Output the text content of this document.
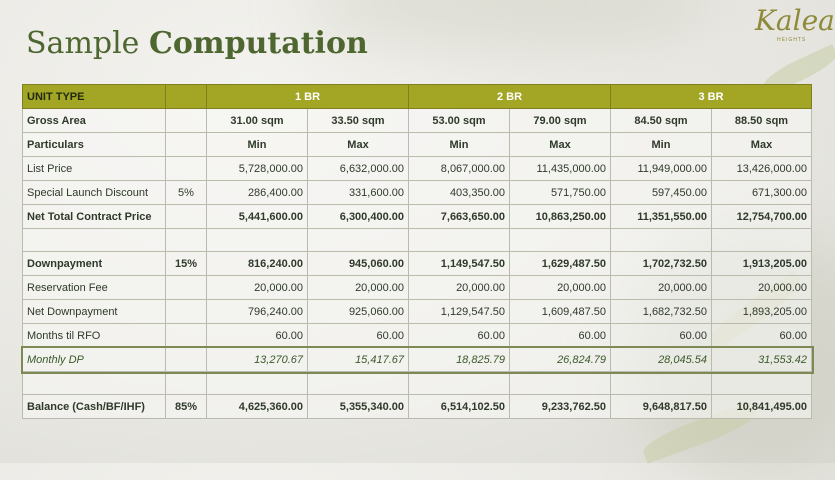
Sample Computation
Kalea
HEIGHTS
UNIT TYPE		1 BR		2 BR		3 BR	
Gross Area		31.00 sqm	33.50 sqm	53.00 sqm	79.00 sqm	84.50 sqm	88.50 sqm
Particulars		Min	Max	Min	Max	Min	Max
List Price		5,728,000.00	6,632,000.00	8,067,000.00	11,435,000.00	11,949,000.00	13,426,000.00
Special Launch Discount	5%	286,400.00	331,600.00	403,350.00	571,750.00	597,450.00	671,300.00
Net Total Contract Price		5,441,600.00	6,300,400.00	7,663,650.00	10,863,250.00	11,351,550.00	12,754,700.00

Downpayment	15%	816,240.00	945,060.00	1,149,547.50	1,629,487.50	1,702,732.50	1,913,205.00
Reservation Fee		20,000.00	20,000.00	20,000.00	20,000.00	20,000.00	20,000.00
Net Downpayment		796,240.00	925,060.00	1,129,547.50	1,609,487.50	1,682,732.50	1,893,205.00
Months til RFO		60.00	60.00	60.00	60.00	60.00	60.00
Monthly DP		13,270.67	15,417.67	18,825.79	26,824.79	28,045.54	31,553.42

Balance (Cash/BF/IHF)	85%	4,625,360.00	5,355,340.00	6,514,102.50	9,233,762.50	9,648,817.50	10,841,495.00
